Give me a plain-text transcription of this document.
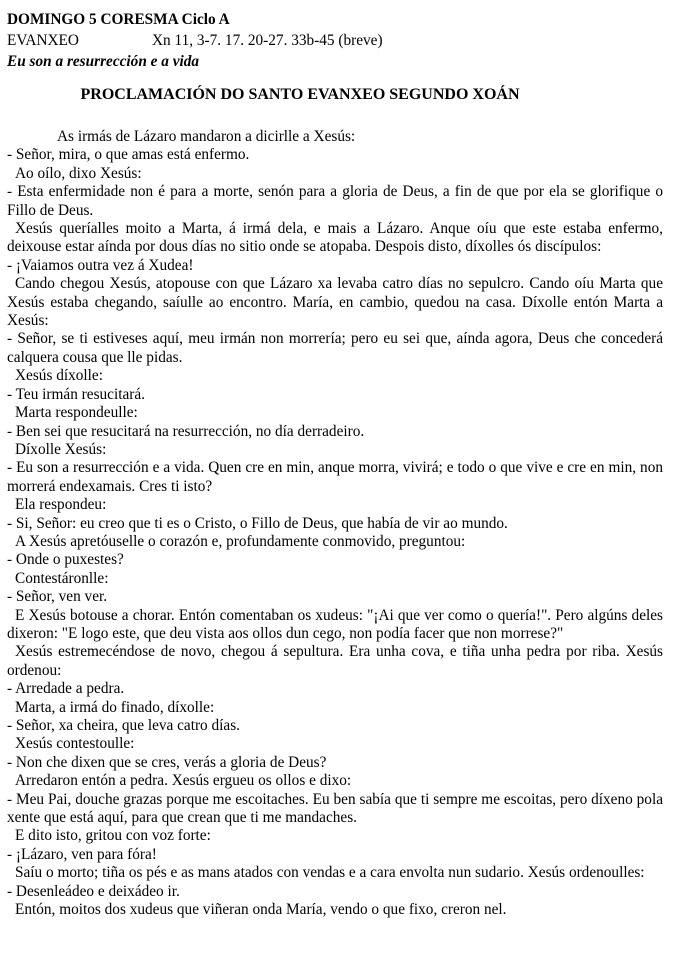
DOMINGO 5 CORESMA Ciclo A
EVANXEO	Xn 11, 3-7. 17. 20-27. 33b-45 (breve)
Eu son a resurrección e a vida
PROCLAMACIÓN DO SANTO EVANXEO SEGUNDO XOÁN

As irmás de Lázaro mandaron a dicirlle a Xesús:

- Señor, mira, o que amas está enfermo.

Ao oílo, dixo Xesús:

- Esta enfermidade non é para a morte, senón para a gloria de Deus, a fin de que por ela se glorifique o Fillo de Deus.

Xesús queríalles moito a Marta, á irmá dela, e mais a Lázaro. Anque oíu que este estaba enfermo, deixouse estar aínda por dous días no sitio onde se atopaba. Despois disto, díxolles ós discípulos:

- ¡Vaiamos outra vez á Xudea!

Cando chegou Xesús, atopouse con que Lázaro xa levaba catro días no sepulcro. Cando oíu Marta que Xesús estaba chegando, saíulle ao encontro. María, en cambio, quedou na casa. Díxolle entón Marta a Xesús:

- Señor, se ti estiveses aquí, meu irmán non morrería; pero eu sei que, aínda agora, Deus che concederá calquera cousa que lle pidas.

Xesús díxolle:

- Teu irmán resucitará.

Marta respondeulle:

- Ben sei que resucitará na resurrección, no día derradeiro.

Díxolle Xesús:

- Eu son a resurrección e a vida. Quen cre en min, anque morra, vivirá; e todo o que vive e cre en min, non morrerá endexamais. Cres ti isto?

Ela respondeu:

- Si, Señor: eu creo que ti es o Cristo, o Fillo de Deus, que había de vir ao mundo.

A Xesús apretóuselle o corazón e, profundamente conmovido, preguntou:

- Onde o puxestes?

Contestáronlle:

- Señor, ven ver.

E Xesús botouse a chorar. Entón comentaban os xudeus: "¡Ai que ver como o quería!". Pero algúns deles dixeron: "E logo este, que deu vista aos ollos dun cego, non podía facer que non morrese?"

Xesús estremecéndose de novo, chegou á sepultura. Era unha cova, e tiña unha pedra por riba. Xesús ordenou:

- Arredade a pedra.

Marta, a irmá do finado, díxolle:

- Señor, xa cheira, que leva catro días.

Xesús contestoulle:

- Non che dixen que se cres, verás a gloria de Deus?

Arredaron entón a pedra. Xesús ergueu os ollos e dixo:

- Meu Pai, douche grazas porque me escoitaches. Eu ben sabía que ti sempre me escoitas, pero díxeno pola xente que está aquí, para que crean que ti me mandaches.

E dito isto, gritou con voz forte:

- ¡Lázaro, ven para fóra!

Saíu o morto; tiña os pés e as mans atados con vendas e a cara envolta nun sudario. Xesús ordenoulles:

- Desenleádeo e deixádeo ir.

Entón, moitos dos xudeus que viñeran onda María, vendo o que fixo, creron nel.
